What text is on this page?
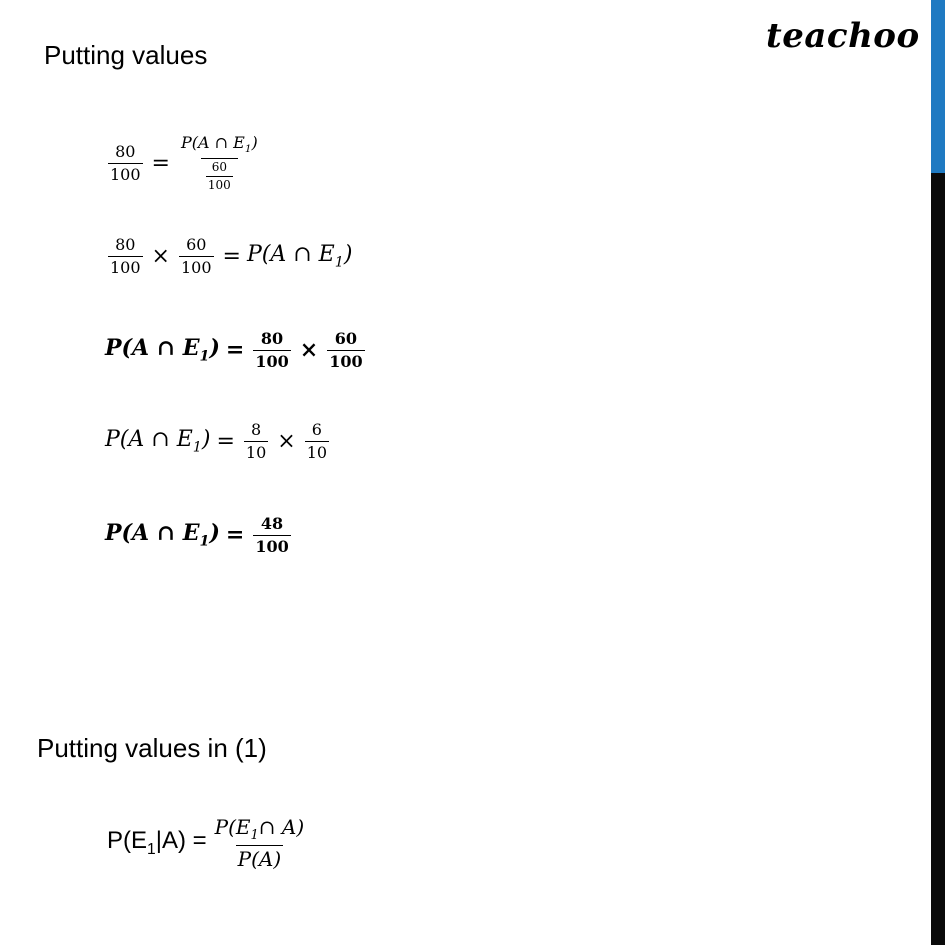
teachoo
Putting values
$\frac{80}{100} = \frac{P(A \cap E_1)}{\frac{60}{100}}$
$\frac{80}{100} \times \frac{60}{100} = P(A$ ∩ $E_1$)
P(A ∩ $E_1) = \frac{80}{100} \times \frac{60}{100}$
P(A ∩ $E_1) = \frac{8}{10} \times \frac{6}{10}$
P(A ∩ $E_1) = \frac{48}{100}$
Putting values in (1)
$P(E_1|A) = \frac{P(E_1\cap A)}{P(A)}$
